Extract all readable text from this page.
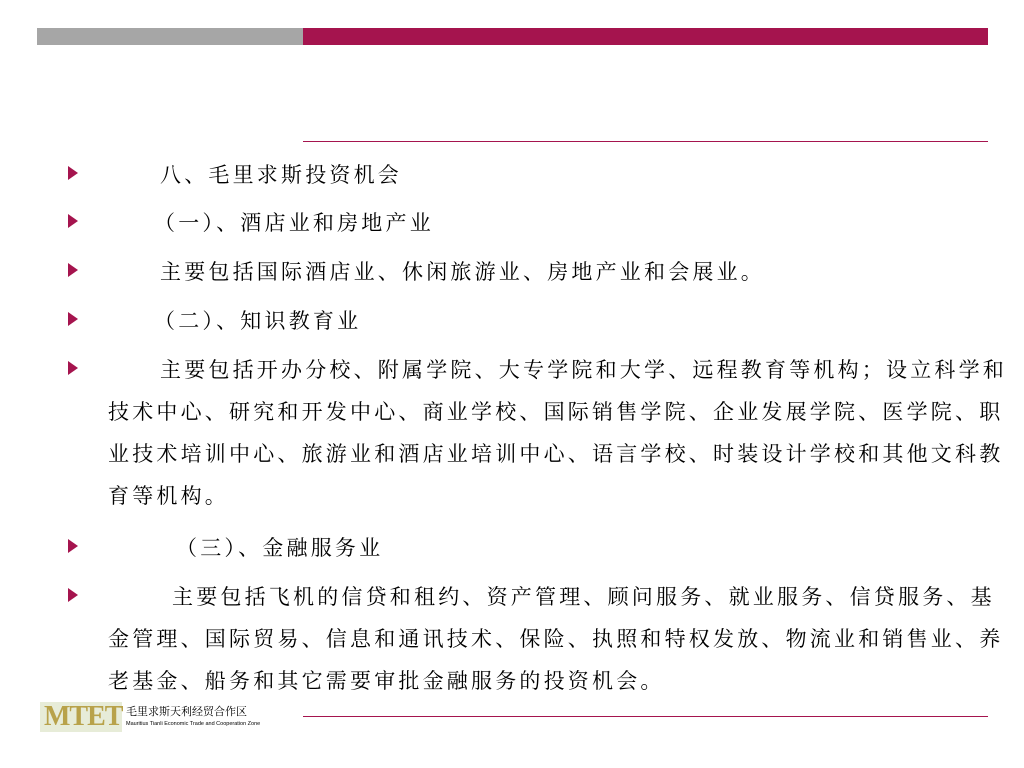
八、毛里求斯投资机会
（一）、酒店业和房地产业
主要包括国际酒店业、休闲旅游业、房地产业和会展业。
（二）、知识教育业
主要包括开办分校、附属学院、大专学院和大学、远程教育等机构；设立科学和技术中心、研究和开发中心、商业学校、国际销售学院、企业发展学院、医学院、职业技术培训中心、旅游业和酒店业培训中心、语言学校、时装设计学校和其他文科教育等机构。
（三）、金融服务业
主要包括飞机的信贷和租约、资产管理、顾问服务、就业服务、信贷服务、基金管理、国际贸易、信息和通讯技术、保险、执照和特权发放、物流业和销售业、养老基金、船务和其它需要审批金融服务的投资机会。
MTET 毛里求斯天利经贸合作区
Mauritius Tianli Economic Trade and Cooperation Zone
